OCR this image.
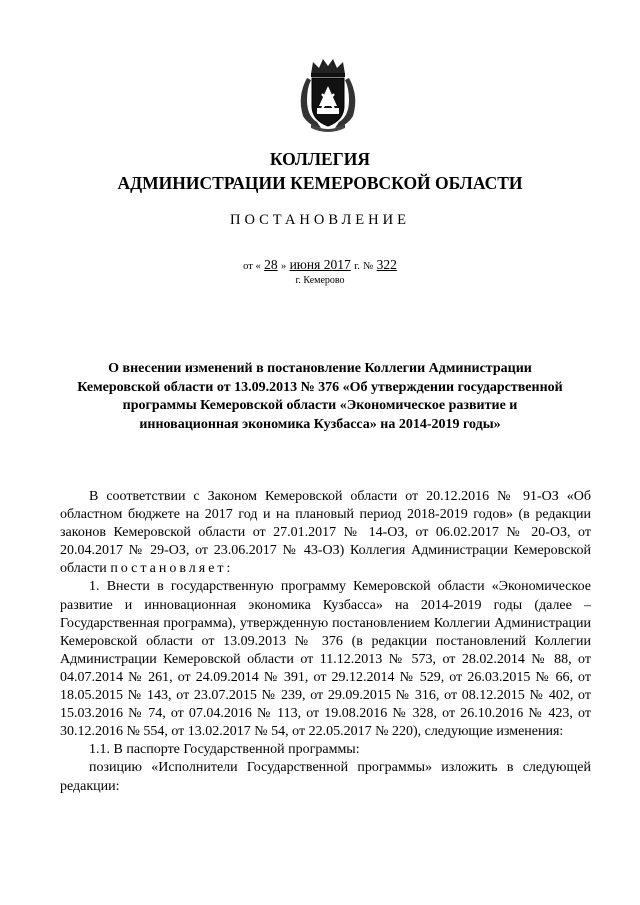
КОЛЛЕГИЯ
АДМИНИСТРАЦИИ КЕМЕРОВСКОЙ ОБЛАСТИ
ПОСТАНОВЛЕНИЕ
от « 28 » июня 2017 г. № 322
г. Кемерово
О внесении изменений в постановление Коллегии Администрации
Кемеровской области от 13.09.2013 № 376 «Об утверждении государственной
программы Кемеровской области «Экономическое развитие и
инновационная экономика Кузбасса» на 2014-2019 годы»

В соответствии с Законом Кемеровской области от 20.12.2016 № 91-ОЗ «Об областном бюджете на 2017 год и на плановый период 2018-2019 годов» (в редакции законов Кемеровской области от 27.01.2017 № 14-ОЗ, от 06.02.2017 № 20-ОЗ, от 20.04.2017 № 29-ОЗ, от 23.06.2017 № 43-ОЗ) Коллегия Администрации Кемеровской области постановляет:

1. Внести в государственную программу Кемеровской области «Экономическое развитие и инновационная экономика Кузбасса» на 2014-2019 годы (далее – Государственная программа), утвержденную постановлением Коллегии Администрации Кемеровской области от 13.09.2013 № 376 (в редакции постановлений Коллегии Администрации Кемеровской области от 11.12.2013 № 573, от 28.02.2014 № 88, от 04.07.2014 № 261, от 24.09.2014 № 391, от 29.12.2014 № 529, от 26.03.2015 № 66, от 18.05.2015 № 143, от 23.07.2015 № 239, от 29.09.2015 № 316, от 08.12.2015 № 402, от 15.03.2016 № 74, от 07.04.2016 № 113, от 19.08.2016 № 328, от 26.10.2016 № 423, от 30.12.2016 № 554, от 13.02.2017 № 54, от 22.05.2017 № 220), следующие изменения:

1.1. В паспорте Государственной программы:

позицию «Исполнители Государственной программы» изложить в следующей редакции:
